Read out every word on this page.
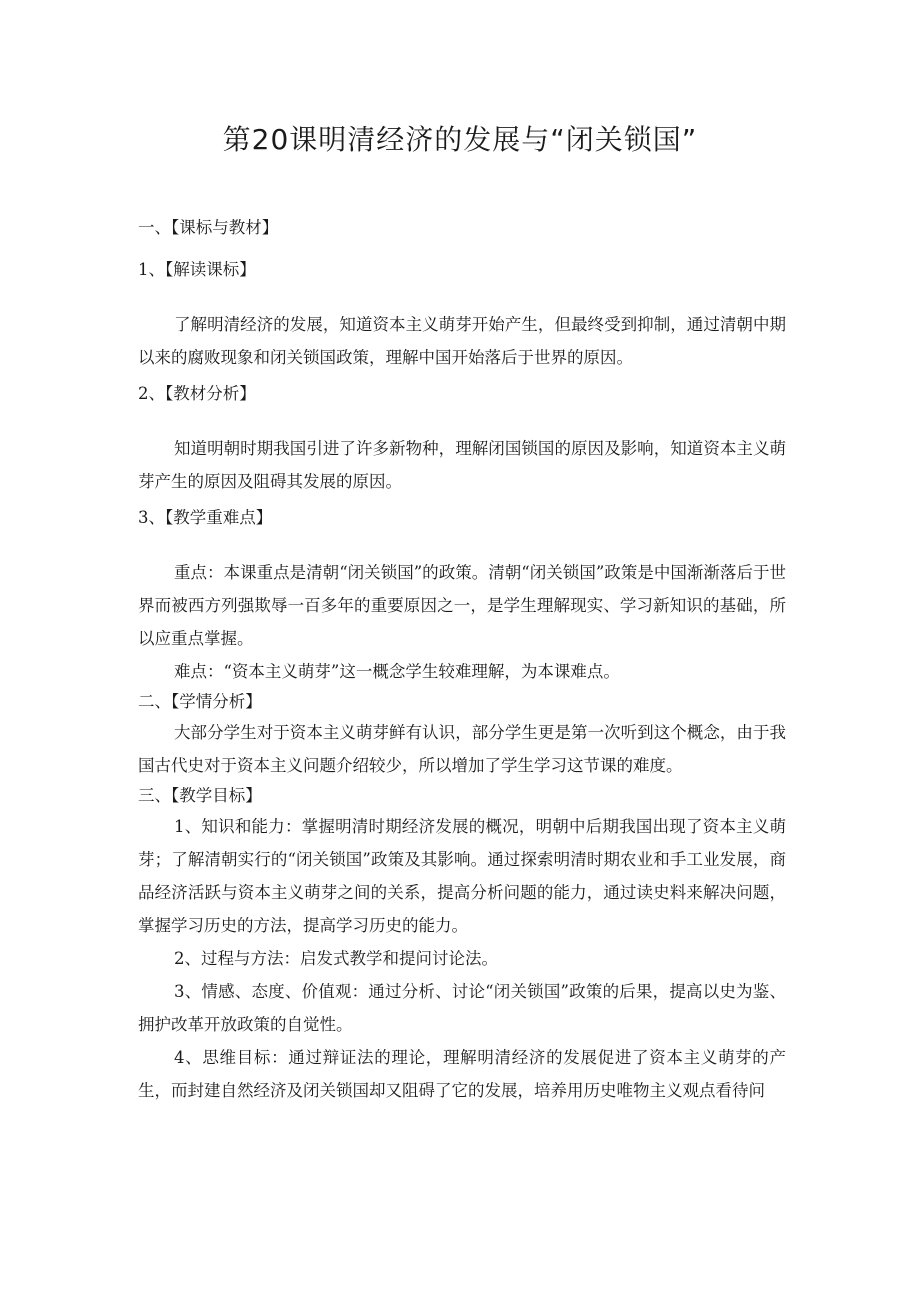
第20课明清经济的发展与“闭关锁国”

一、【课标与教材】

1、【解读课标】

了解明清经济的发展，知道资本主义萌芽开始产生，但最终受到抑制，通过清朝中期以来的腐败现象和闭关锁国政策，理解中国开始落后于世界的原因。

2、【教材分析】

知道明朝时期我国引进了许多新物种，理解闭国锁国的原因及影响，知道资本主义萌芽产生的原因及阻碍其发展的原因。

3、【教学重难点】

重点：本课重点是清朝“闭关锁国”的政策。清朝“闭关锁国”政策是中国渐渐落后于世界而被西方列强欺辱一百多年的重要原因之一，是学生理解现实、学习新知识的基础，所以应重点掌握。

难点：“资本主义萌芽”这一概念学生较难理解，为本课难点。

二、【学情分析】

大部分学生对于资本主义萌芽鲜有认识，部分学生更是第一次听到这个概念，由于我国古代史对于资本主义问题介绍较少，所以增加了学生学习这节课的难度。

三、【教学目标】

1、知识和能力：掌握明清时期经济发展的概况，明朝中后期我国出现了资本主义萌芽；了解清朝实行的“闭关锁国”政策及其影响。通过探索明清时期农业和手工业发展，商品经济活跃与资本主义萌芽之间的关系，提高分析问题的能力，通过读史料来解决问题，掌握学习历史的方法，提高学习历史的能力。

2、过程与方法：启发式教学和提问讨论法。

3、情感、态度、价值观：通过分析、讨论“闭关锁国”政策的后果，提高以史为鉴、拥护改革开放政策的自觉性。

4、思维目标：通过辩证法的理论，理解明清经济的发展促进了资本主义萌芽的产生，而封建自然经济及闭关锁国却又阻碍了它的发展，培养用历史唯物主义观点看待问
